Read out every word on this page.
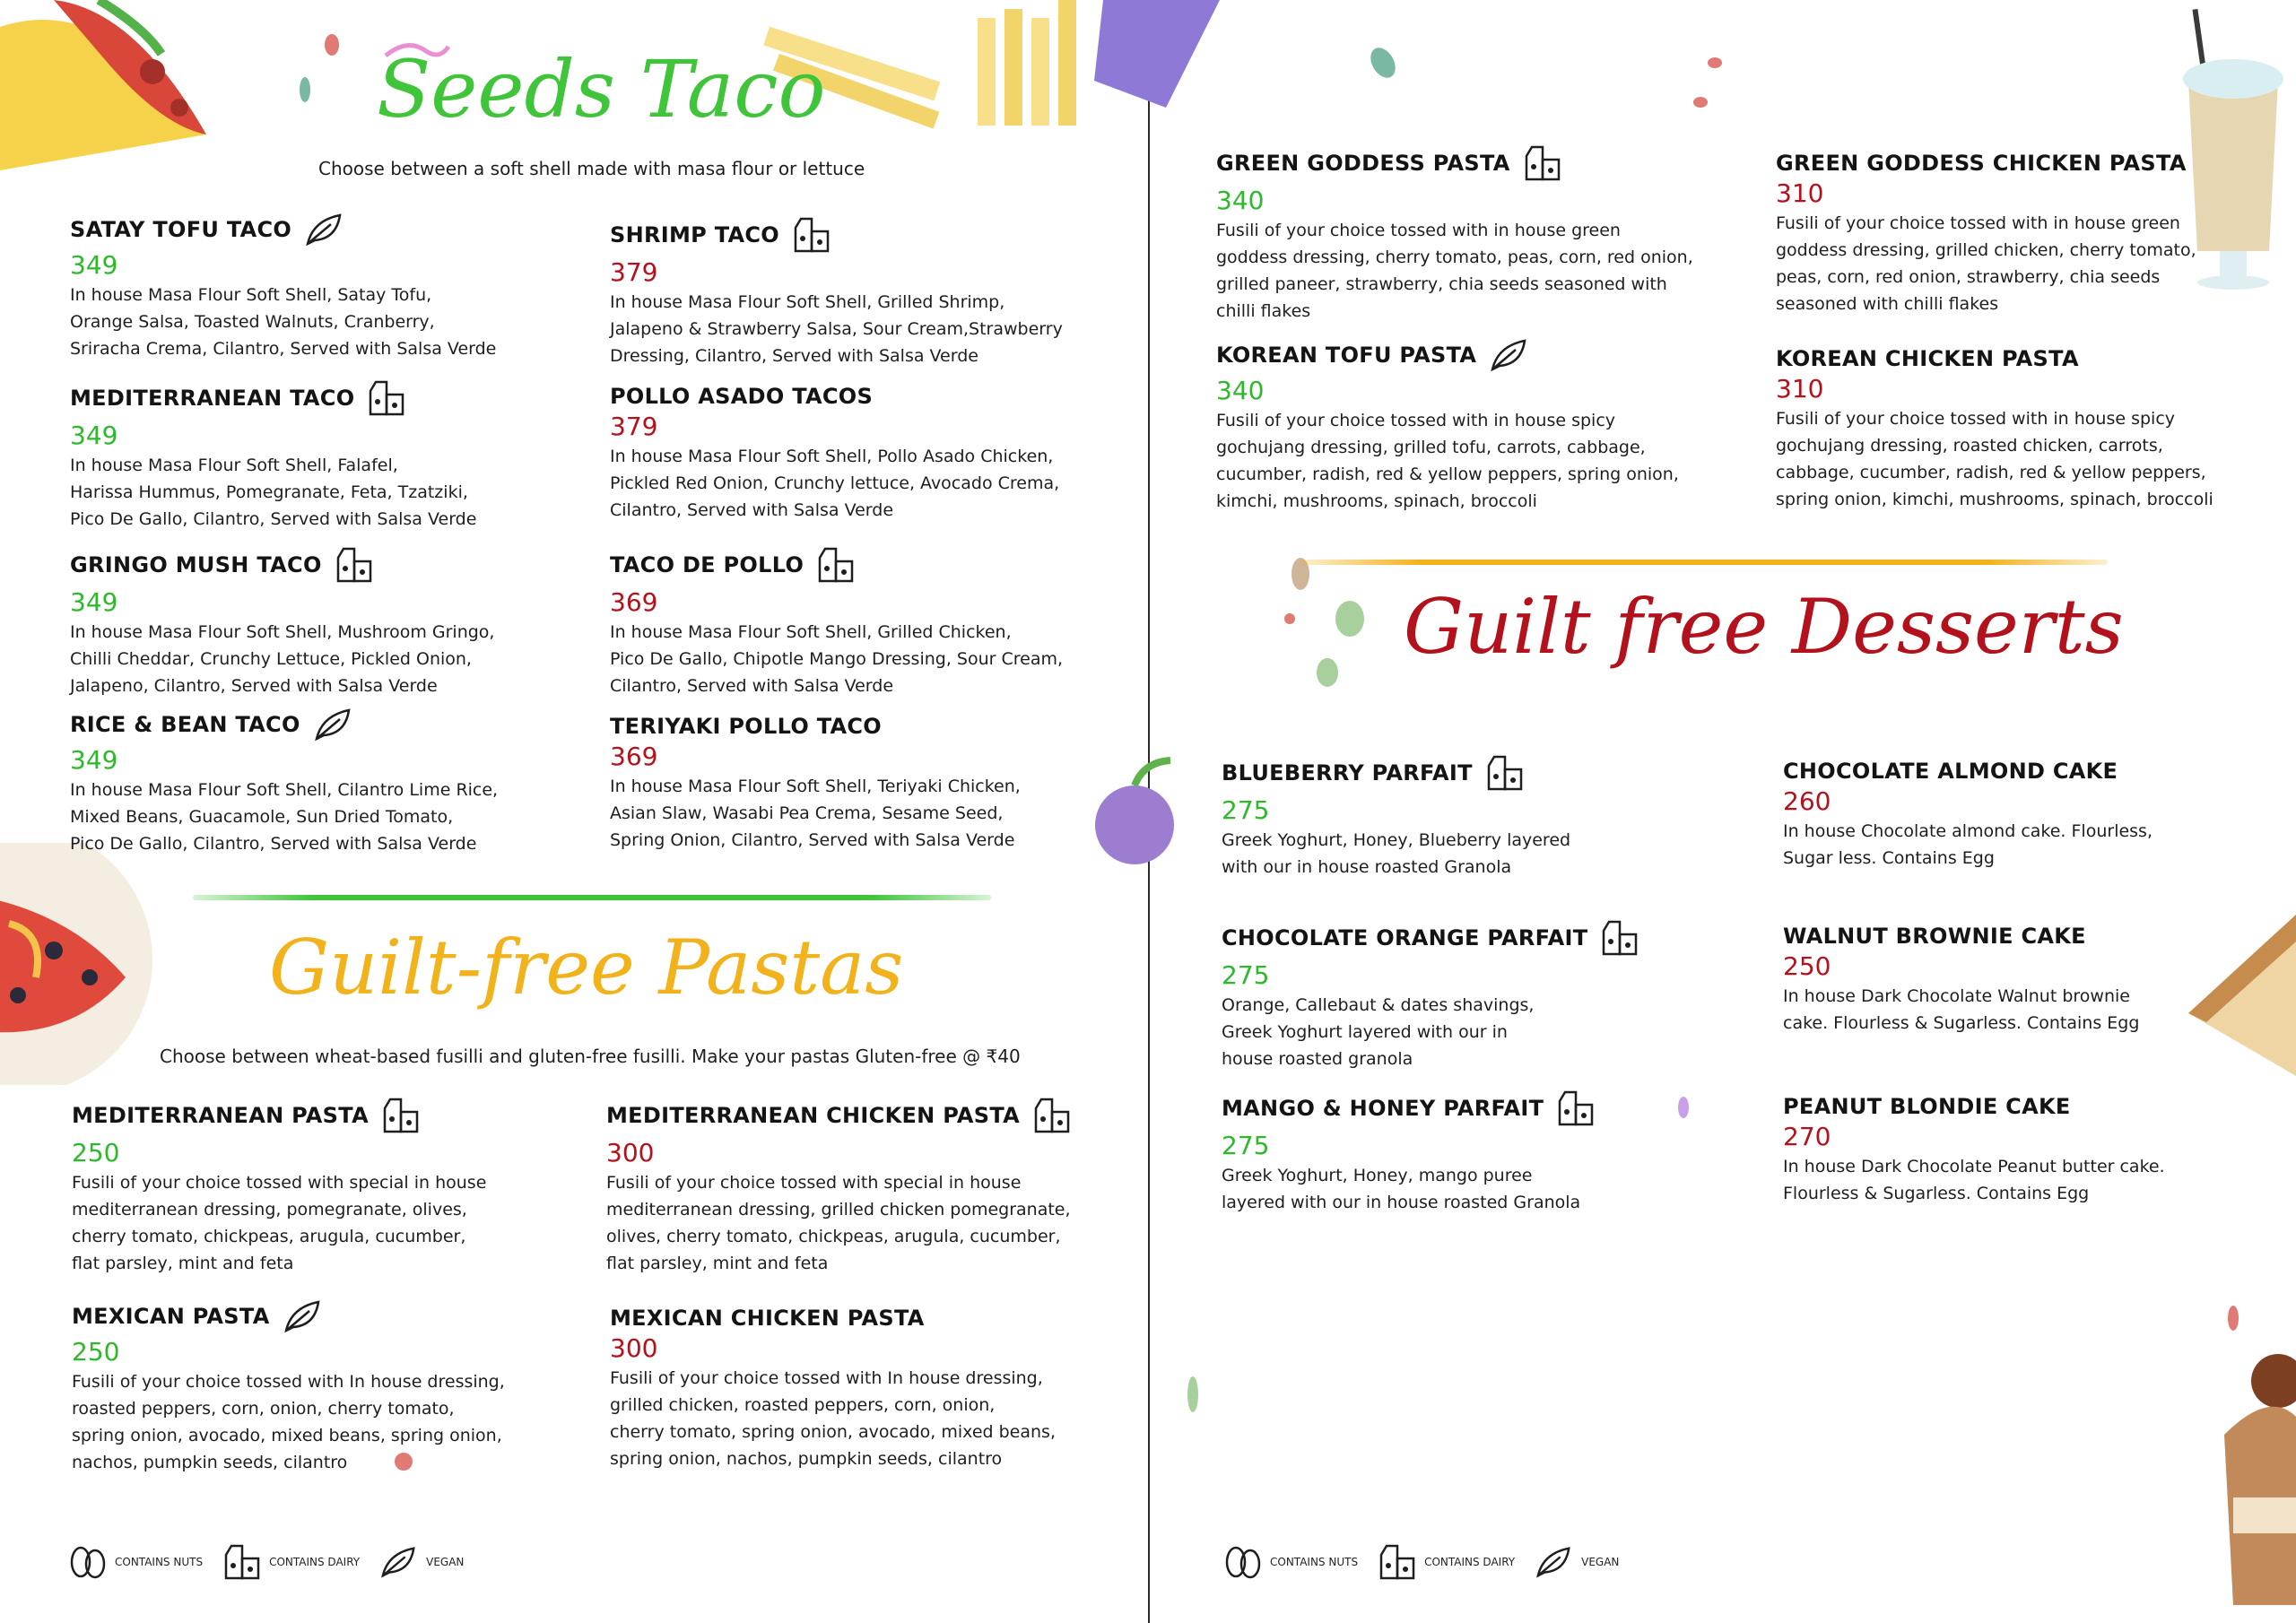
Seeds Taco
Choose between a soft shell made with masa flour or lettuce
SATAY TOFU TACO
349
In house Masa Flour Soft Shell, Satay Tofu,
Orange Salsa, Toasted Walnuts, Cranberry,
Sriracha Crema, Cilantro, Served with Salsa Verde
MEDITERRANEAN TACO
349
In house Masa Flour Soft Shell, Falafel,
Harissa Hummus, Pomegranate, Feta, Tzatziki,
Pico De Gallo, Cilantro, Served with Salsa Verde
GRINGO MUSH TACO
349
In house Masa Flour Soft Shell, Mushroom Gringo,
Chilli Cheddar, Crunchy Lettuce, Pickled Onion,
Jalapeno, Cilantro, Served with Salsa Verde
RICE & BEAN TACO
349
In house Masa Flour Soft Shell, Cilantro Lime Rice,
Mixed Beans, Guacamole, Sun Dried Tomato,
Pico De Gallo, Cilantro, Served with Salsa Verde
SHRIMP TACO
379
In house Masa Flour Soft Shell, Grilled Shrimp,
Jalapeno & Strawberry Salsa, Sour Cream,Strawberry
Dressing, Cilantro, Served with Salsa Verde
POLLO ASADO TACOS
379
In house Masa Flour Soft Shell, Pollo Asado Chicken,
Pickled Red Onion, Crunchy lettuce, Avocado Crema,
Cilantro, Served with Salsa Verde
TACO DE POLLO
369
In house Masa Flour Soft Shell, Grilled Chicken,
Pico De Gallo, Chipotle Mango Dressing, Sour Cream,
Cilantro, Served with Salsa Verde
TERIYAKI POLLO TACO
369
In house Masa Flour Soft Shell, Teriyaki Chicken,
Asian Slaw, Wasabi Pea Crema, Sesame Seed,
Spring Onion, Cilantro, Served with Salsa Verde
Guilt-free Pastas
Choose between wheat-based fusilli and gluten-free fusilli. Make your pastas Gluten-free @ ₹40
MEDITERRANEAN PASTA
250
Fusili of your choice tossed with special in house
mediterranean dressing, pomegranate, olives,
cherry tomato, chickpeas, arugula, cucumber,
flat parsley, mint and feta
MEXICAN PASTA
250
Fusili of your choice tossed with In house dressing,
roasted peppers, corn, onion, cherry tomato,
spring onion, avocado, mixed beans, spring onion,
nachos, pumpkin seeds, cilantro
MEDITERRANEAN CHICKEN PASTA
300
Fusili of your choice tossed with special in house
mediterranean dressing, grilled chicken pomegranate,
olives, cherry tomato, chickpeas, arugula, cucumber,
flat parsley, mint and feta
MEXICAN CHICKEN PASTA
300
Fusili of your choice tossed with In house dressing,
grilled chicken, roasted peppers, corn, onion,
cherry tomato, spring onion, avocado, mixed beans,
spring onion, nachos, pumpkin seeds, cilantro
CONTAINS NUTS	CONTAINS DAIRY	VEGAN
GREEN GODDESS PASTA
340
Fusili of your choice tossed with in house green
goddess dressing, cherry tomato, peas, corn, red onion,
grilled paneer, strawberry, chia seeds seasoned with
chilli flakes
KOREAN TOFU PASTA
340
Fusili of your choice tossed with in house spicy
gochujang dressing, grilled tofu, carrots, cabbage,
cucumber, radish, red & yellow peppers, spring onion,
kimchi, mushrooms, spinach, broccoli
GREEN GODDESS CHICKEN PASTA
310
Fusili of your choice tossed with in house green
goddess dressing, grilled chicken, cherry tomato,
peas, corn, red onion, strawberry, chia seeds
seasoned with chilli flakes
KOREAN CHICKEN PASTA
310
Fusili of your choice tossed with in house spicy
gochujang dressing, roasted chicken, carrots,
cabbage, cucumber, radish, red & yellow peppers,
spring onion, kimchi, mushrooms, spinach, broccoli
Guilt free Desserts
BLUEBERRY PARFAIT
275
Greek Yoghurt, Honey, Blueberry layered
with our in house roasted Granola
CHOCOLATE ORANGE PARFAIT
275
Orange, Callebaut & dates shavings,
Greek Yoghurt layered with our in
house roasted granola
MANGO & HONEY PARFAIT
275
Greek Yoghurt, Honey, mango puree
layered with our in house roasted Granola
CHOCOLATE ALMOND CAKE
260
In house Chocolate almond cake. Flourless,
Sugar less. Contains Egg
WALNUT BROWNIE CAKE
250
In house Dark Chocolate Walnut brownie
cake. Flourless & Sugarless. Contains Egg
PEANUT BLONDIE CAKE
270
In house Dark Chocolate Peanut butter cake.
Flourless & Sugarless. Contains Egg
CONTAINS NUTS	CONTAINS DAIRY	VEGAN
